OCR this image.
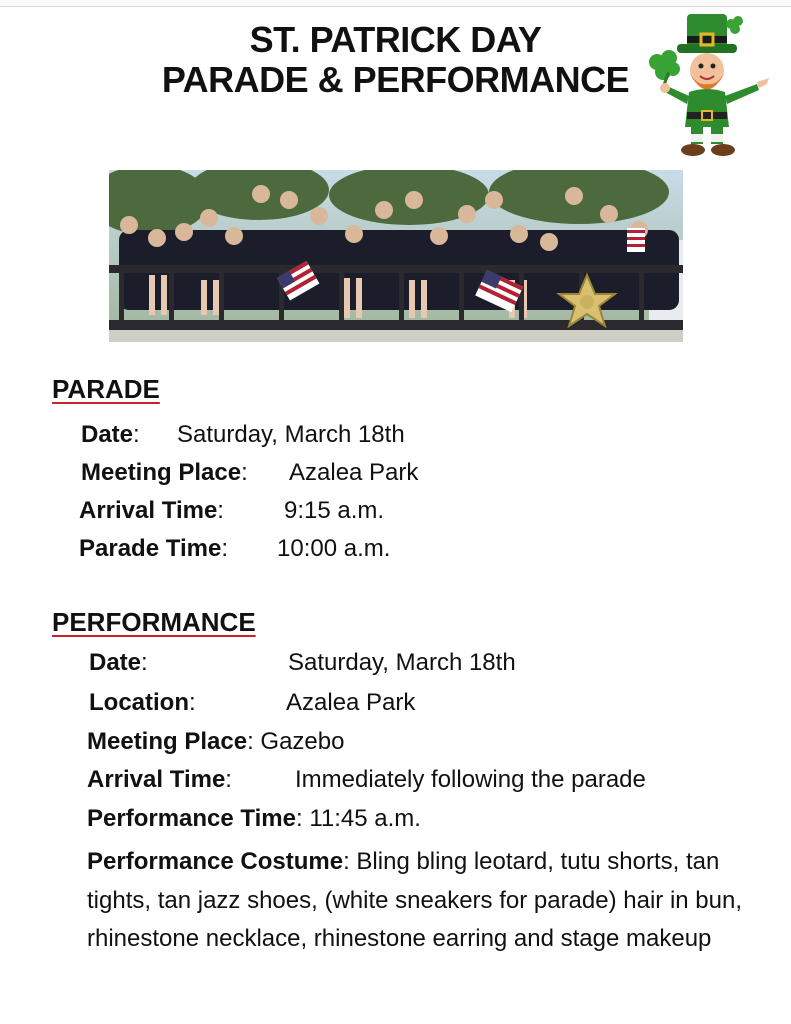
ST. PATRICK DAY
PARADE & PERFORMANCE
PARADE
Date: Saturday, March 18th
Meeting Place: Azalea Park
Arrival Time:	9:15 a.m.
Parade Time: 10:00 a.m.
PERFORMANCE
Date:	Saturday, March 18th
Location:	Azalea Park
Meeting Place: Gazebo
Arrival Time:	Immediately following the parade
Performance Time: 11:45 a.m.
Performance Costume: Bling bling leotard, tutu shorts, tan tights, tan jazz shoes, (white sneakers for parade) hair in bun, rhinestone necklace, rhinestone earring and stage makeup
